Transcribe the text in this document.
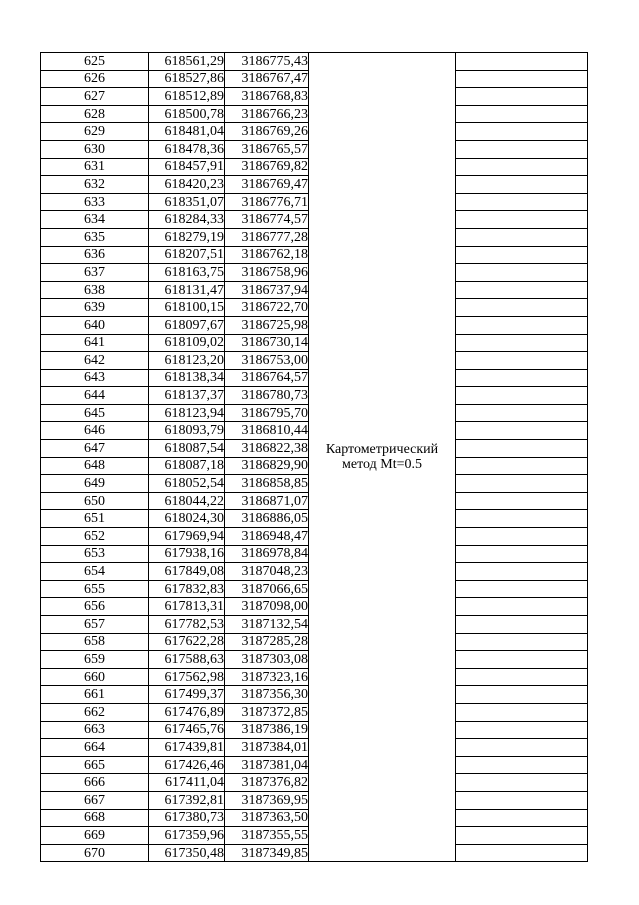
625	618561,29	3186775,43	Картометрический
метод Mt=0.5	

626	618527,86	3186767,47		
627	618512,89	3186768,83		
628	618500,78	3186766,23		
629	618481,04	3186769,26		
630	618478,36	3186765,57		
631	618457,91	3186769,82		
632	618420,23	3186769,47		
633	618351,07	3186776,71		
634	618284,33	3186774,57		
635	618279,19	3186777,28		
636	618207,51	3186762,18		
637	618163,75	3186758,96		
638	618131,47	3186737,94		
639	618100,15	3186722,70		
640	618097,67	3186725,98		
641	618109,02	3186730,14		
642	618123,20	3186753,00		
643	618138,34	3186764,57		
644	618137,37	3186780,73		
645	618123,94	3186795,70		
646	618093,79	3186810,44		
647	618087,54	3186822,38		
648	618087,18	3186829,90		
649	618052,54	3186858,85		
650	618044,22	3186871,07		
651	618024,30	3186886,05		
652	617969,94	3186948,47		
653	617938,16	3186978,84		
654	617849,08	3187048,23		
655	617832,83	3187066,65		
656	617813,31	3187098,00		
657	617782,53	3187132,54		
658	617622,28	3187285,28		
659	617588,63	3187303,08		
660	617562,98	3187323,16		
661	617499,37	3187356,30		
662	617476,89	3187372,85		
663	617465,76	3187386,19		
664	617439,81	3187384,01		
665	617426,46	3187381,04		
666	617411,04	3187376,82		
667	617392,81	3187369,95		
668	617380,73	3187363,50		
669	617359,96	3187355,55		
670	617350,48	3187349,85		
